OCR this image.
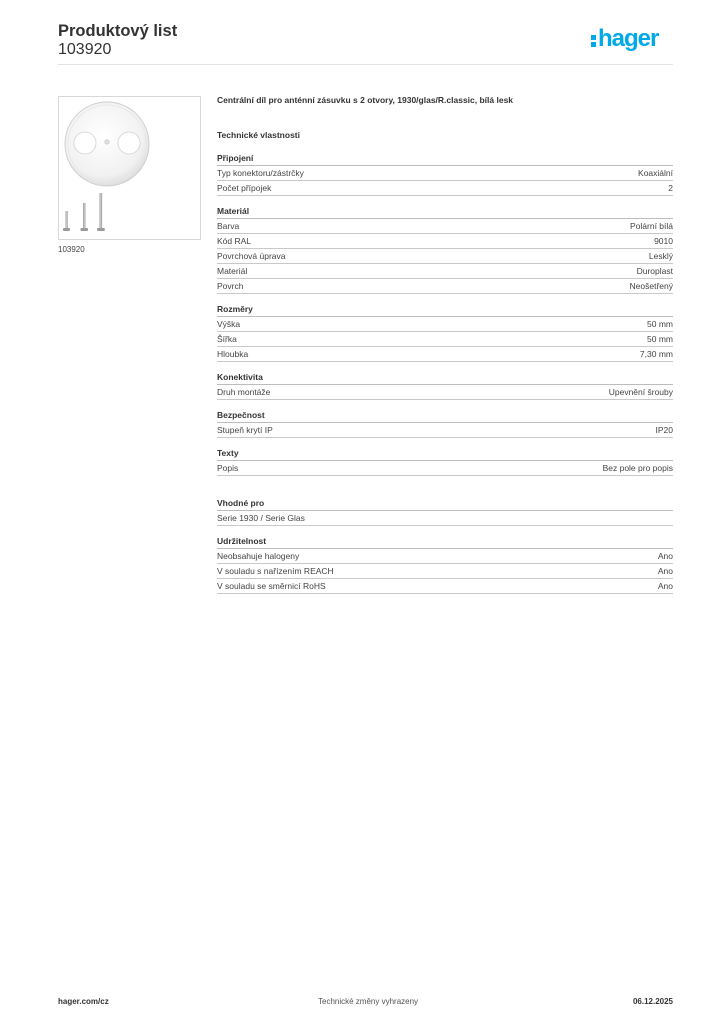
Produktový list
103920	hager
103920
Centrální díl pro anténní zásuvku s 2 otvory, 1930/glas/R.classic, bílá lesk
Technické vlastnosti
Připojení
Typ konektoru/zástrčky	Koaxiální
Počet přípojek	2
Materiál
Barva	Polární bílá
Kód RAL	9010
Povrchová úprava	Lesklý
Materiál	Duroplast
Povrch	Neošetřený
Rozměry
Výška	50 mm
Šířka	50 mm
Hloubka	7,30 mm
Konektivita
Druh montáže	Upevnění šrouby
Bezpečnost
Stupeň krytí IP	IP20
Texty
Popis	Bez pole pro popis
Vhodné pro
Serie 1930 / Serie Glas
Udržitelnost
Neobsahuje halogeny	Ano
V souladu s nařízením REACH	Ano
V souladu se směrnicí RoHS	Ano
hager.com/cz	Technické změny vyhrazeny	06.12.2025
